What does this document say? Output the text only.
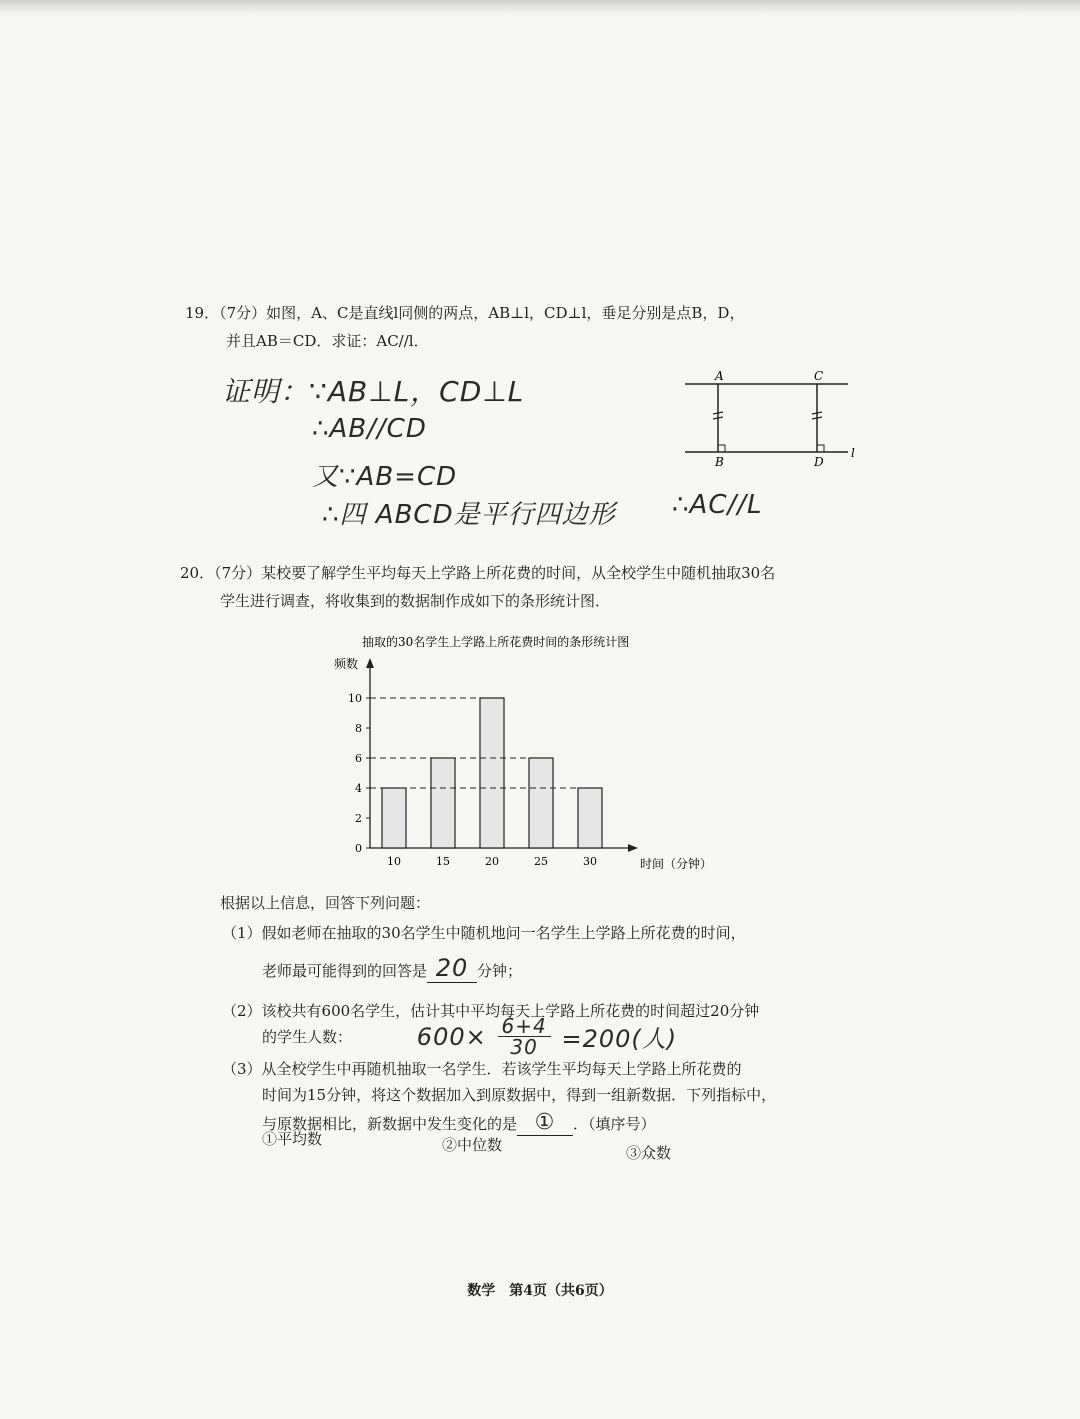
19．（7分）如图，A、C是直线l同侧的两点，AB⊥l，CD⊥l，垂足分别是点B，D，
并且AB＝CD．求证：AC//l．
证明：∵AB⊥L，CD⊥L
∴AB//CD
又∵AB=CD
∴四 ABCD是平行四边形 ∴AC//L
A	C
B	D
l
20．（7分）某校要了解学生平均每天上学路上所花费的时间，从全校学生中随机抽取30名
学生进行调查，将收集到的数据制作成如下的条形统计图．
抽取的30名学生上学路上所花费时间的条形统计图
频数
时间（分钟）
0
2
4
6
8
10
10	15	20	25	30
根据以上信息，回答下列问题：
（1）假如老师在抽取的30名学生中随机地问一名学生上学路上所花费的时间，
老师最可能得到的回答是 20 分钟；
（2）该校共有600名学生，估计其中平均每天上学路上所花费的时间超过20分钟
的学生人数：	$600\times \frac{6+4}{30} =200$(人)
（3）从全校学生中再随机抽取一名学生．若该学生平均每天上学路上所花费的
时间为15分钟，将这个数据加入到原数据中，得到一组新数据．下列指标中，
与原数据相比，新数据中发生变化的是 ① ．（填序号）
①平均数	②中位数	③众数
数学　第4页（共6页）
